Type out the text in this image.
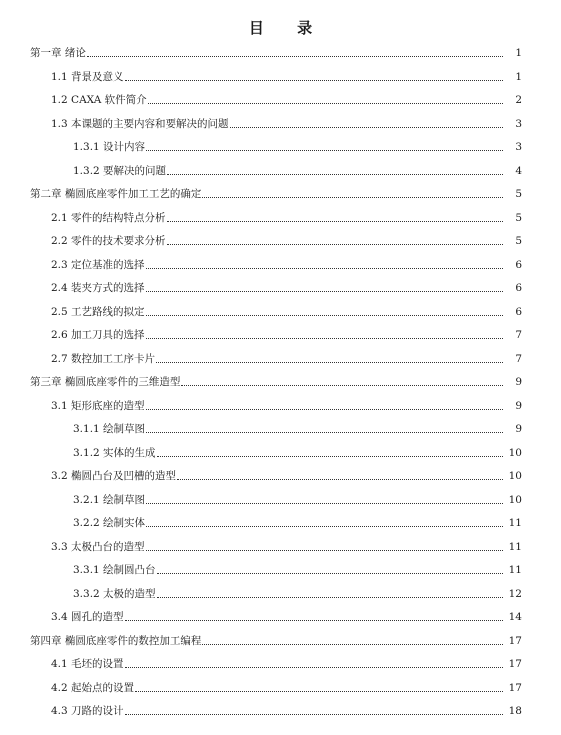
目 录
第一章 绪论	1
1.1 背景及意义	1
1.2 CAXA 软件简介	2
1.3 本课题的主要内容和要解决的问题	3
1.3.1 设计内容	3
1.3.2 要解决的问题	4
第二章 椭圆底座零件加工工艺的确定	5
2.1 零件的结构特点分析	5
2.2 零件的技术要求分析	5
2.3 定位基准的选择	6
2.4 装夹方式的选择	6
2.5 工艺路线的拟定	6
2.6 加工刀具的选择	7
2.7 数控加工工序卡片	7
第三章 椭圆底座零件的三维造型	9
3.1 矩形底座的造型	9
3.1.1 绘制草图	9
3.1.2 实体的生成	10
3.2 椭圆凸台及凹槽的造型	10
3.2.1 绘制草图	10
3.2.2 绘制实体	11
3.3 太极凸台的造型	11
3.3.1 绘制圆凸台	11
3.3.2 太极的造型	12
3.4 圆孔的造型	14
第四章 椭圆底座零件的数控加工编程	17
4.1 毛坯的设置	17
4.2 起始点的设置	17
4.3 刀路的设计	18
